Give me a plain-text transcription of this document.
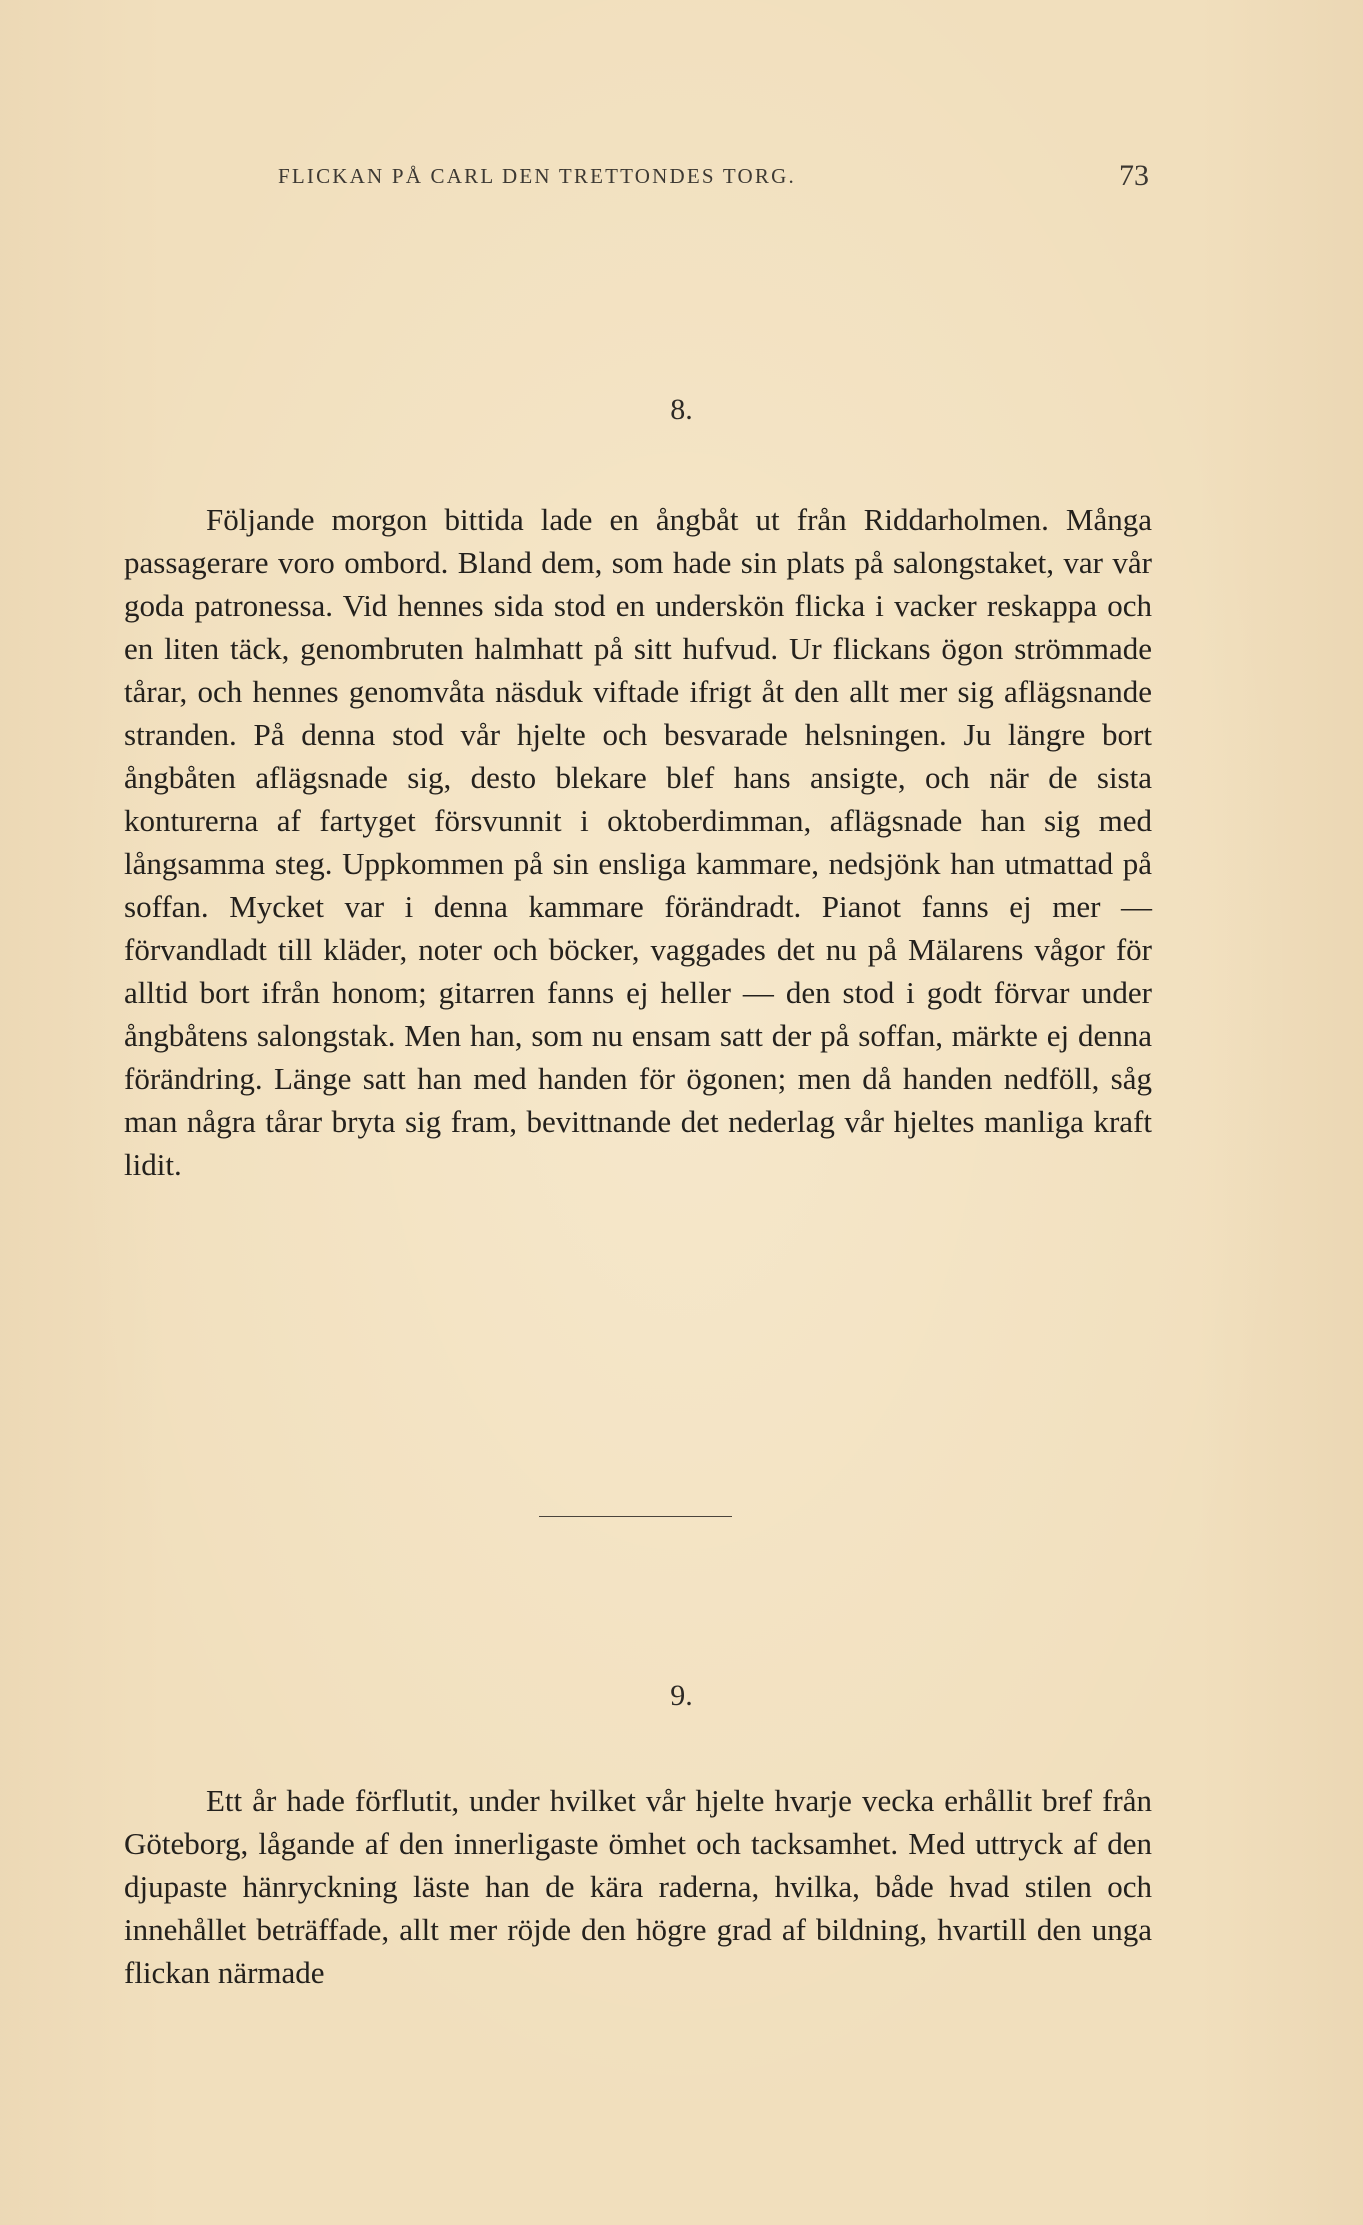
FLICKAN PÅ CARL DEN TRETTONDES TORG.	73
8.
Följande morgon bittida lade en ångbåt ut från Riddarholmen. Många passagerare voro ombord. Bland dem, som hade sin plats på salongstaket, var vår goda patronessa. Vid hennes sida stod en underskön flicka i vacker reskappa och en liten täck, genombruten halmhatt på sitt hufvud. Ur flickans ögon strömmade tårar, och hennes genomvåta näsduk viftade ifrigt åt den allt mer sig aflägsnande stranden. På denna stod vår hjelte och besvarade helsningen. Ju längre bort ångbåten aflägsnade sig, desto blekare blef hans ansigte, och när de sista konturerna af fartyget försvunnit i oktoberdimman, aflägsnade han sig med långsamma steg. Uppkommen på sin ensliga kammare, nedsjönk han utmattad på soffan. Mycket var i denna kammare förändradt. Pianot fanns ej mer — förvandladt till kläder, noter och böcker, vaggades det nu på Mälarens vågor för alltid bort ifrån honom; gitarren fanns ej heller — den stod i godt förvar under ångbåtens salongstak. Men han, som nu ensam satt der på soffan, märkte ej denna förändring. Länge satt han med handen för ögonen; men då handen nedföll, såg man några tårar bryta sig fram, bevittnande det nederlag vår hjeltes manliga kraft lidit.
9.
Ett år hade förflutit, under hvilket vår hjelte hvarje vecka erhållit bref från Göteborg, lågande af den innerligaste ömhet och tacksamhet. Med uttryck af den djupaste hänryckning läste han de kära raderna, hvilka, både hvad stilen och innehållet beträffade, allt mer röjde den högre grad af bildning, hvartill den unga flickan närmade
